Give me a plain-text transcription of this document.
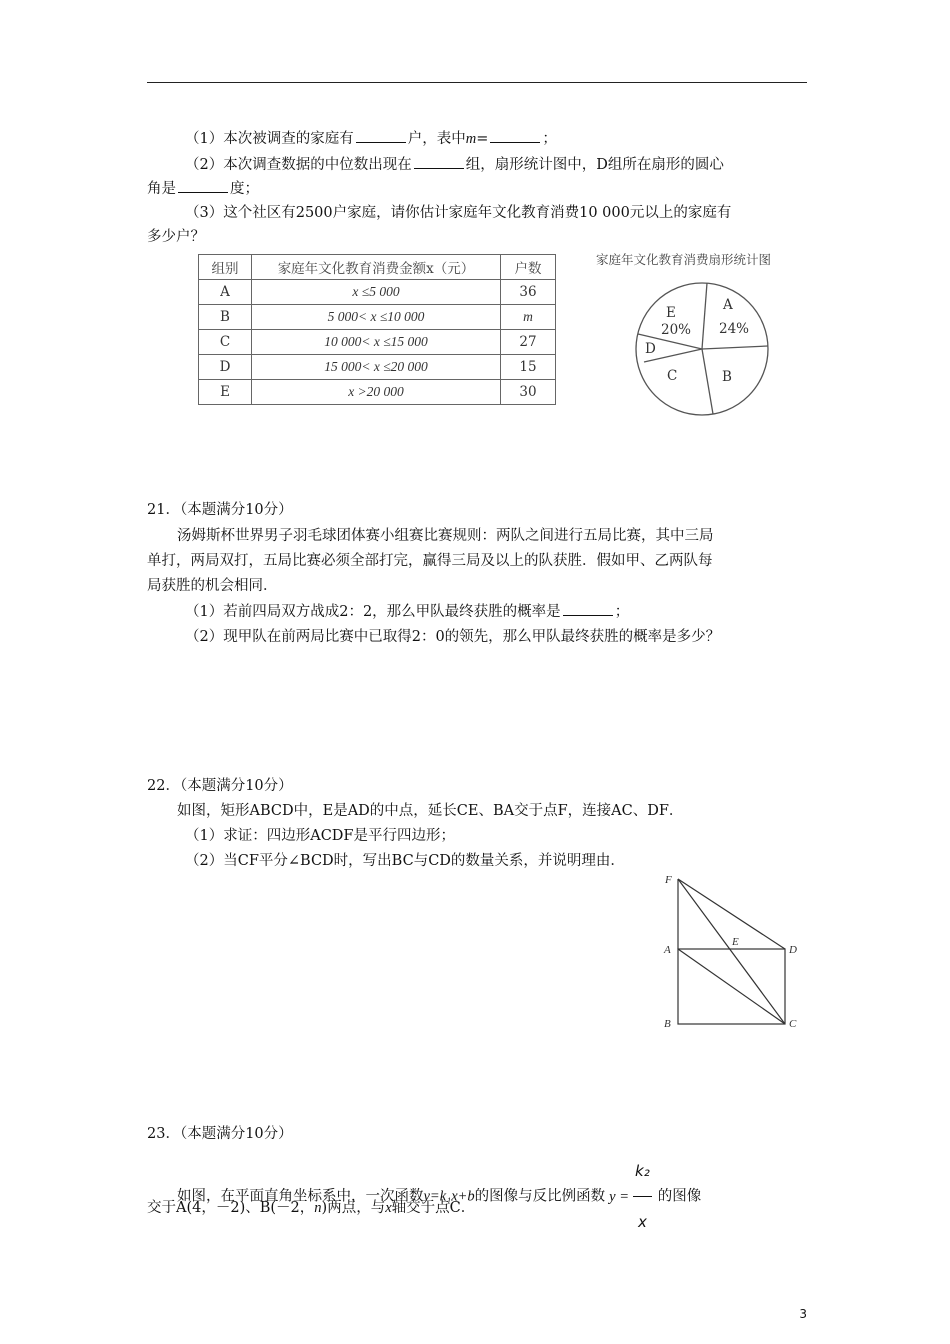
（1）本次被调查的家庭有	户，表中m=	；
（2）本次调查数据的中位数出现在	组，扇形统计图中，D组所在扇形的圆心
角是	度；
（3）这个社区有2500户家庭，请你估计家庭年文化教育消费10 000元以上的家庭有
多少户？
组别	家庭年文化教育消费金额x（元）	户数
A	x ≤5 000	36
B	5 000< x ≤10 000	m
C	10 000< x ≤15 000	27
D	15 000< x ≤20 000	15
E	x >20 000	30
家庭年文化教育消费扇形统计图
A
24%
B
C
D
E
20%
21．（本题满分10分）
汤姆斯杯世界男子羽毛球团体赛小组赛比赛规则：两队之间进行五局比赛，其中三局
单打，两局双打，五局比赛必须全部打完，赢得三局及以上的队获胜．假如甲、乙两队每
局获胜的机会相同．
（1）若前四局双方战成2：2，那么甲队最终获胜的概率是	；
（2）现甲队在前两局比赛中已取得2：0的领先，那么甲队最终获胜的概率是多少？
22．（本题满分10分）
如图，矩形ABCD中，E是AD的中点，延长CE、BA交于点F，连接AC、DF．
（1）求证：四边形ACDF是平行四边形；
（2）当CF平分∠BCD时，写出BC与CD的数量关系，并说明理由．
F
A
E
D
B	C
23．（本题满分10分）
如图，在平面直角坐标系中，一次函数y=k₁x+b的图像与反比例函数 $y = \frac{\text{k₂}}{x}$ 的图像
交于A(4，－2)、B(－2，n)两点，与x轴交于点C．
3
